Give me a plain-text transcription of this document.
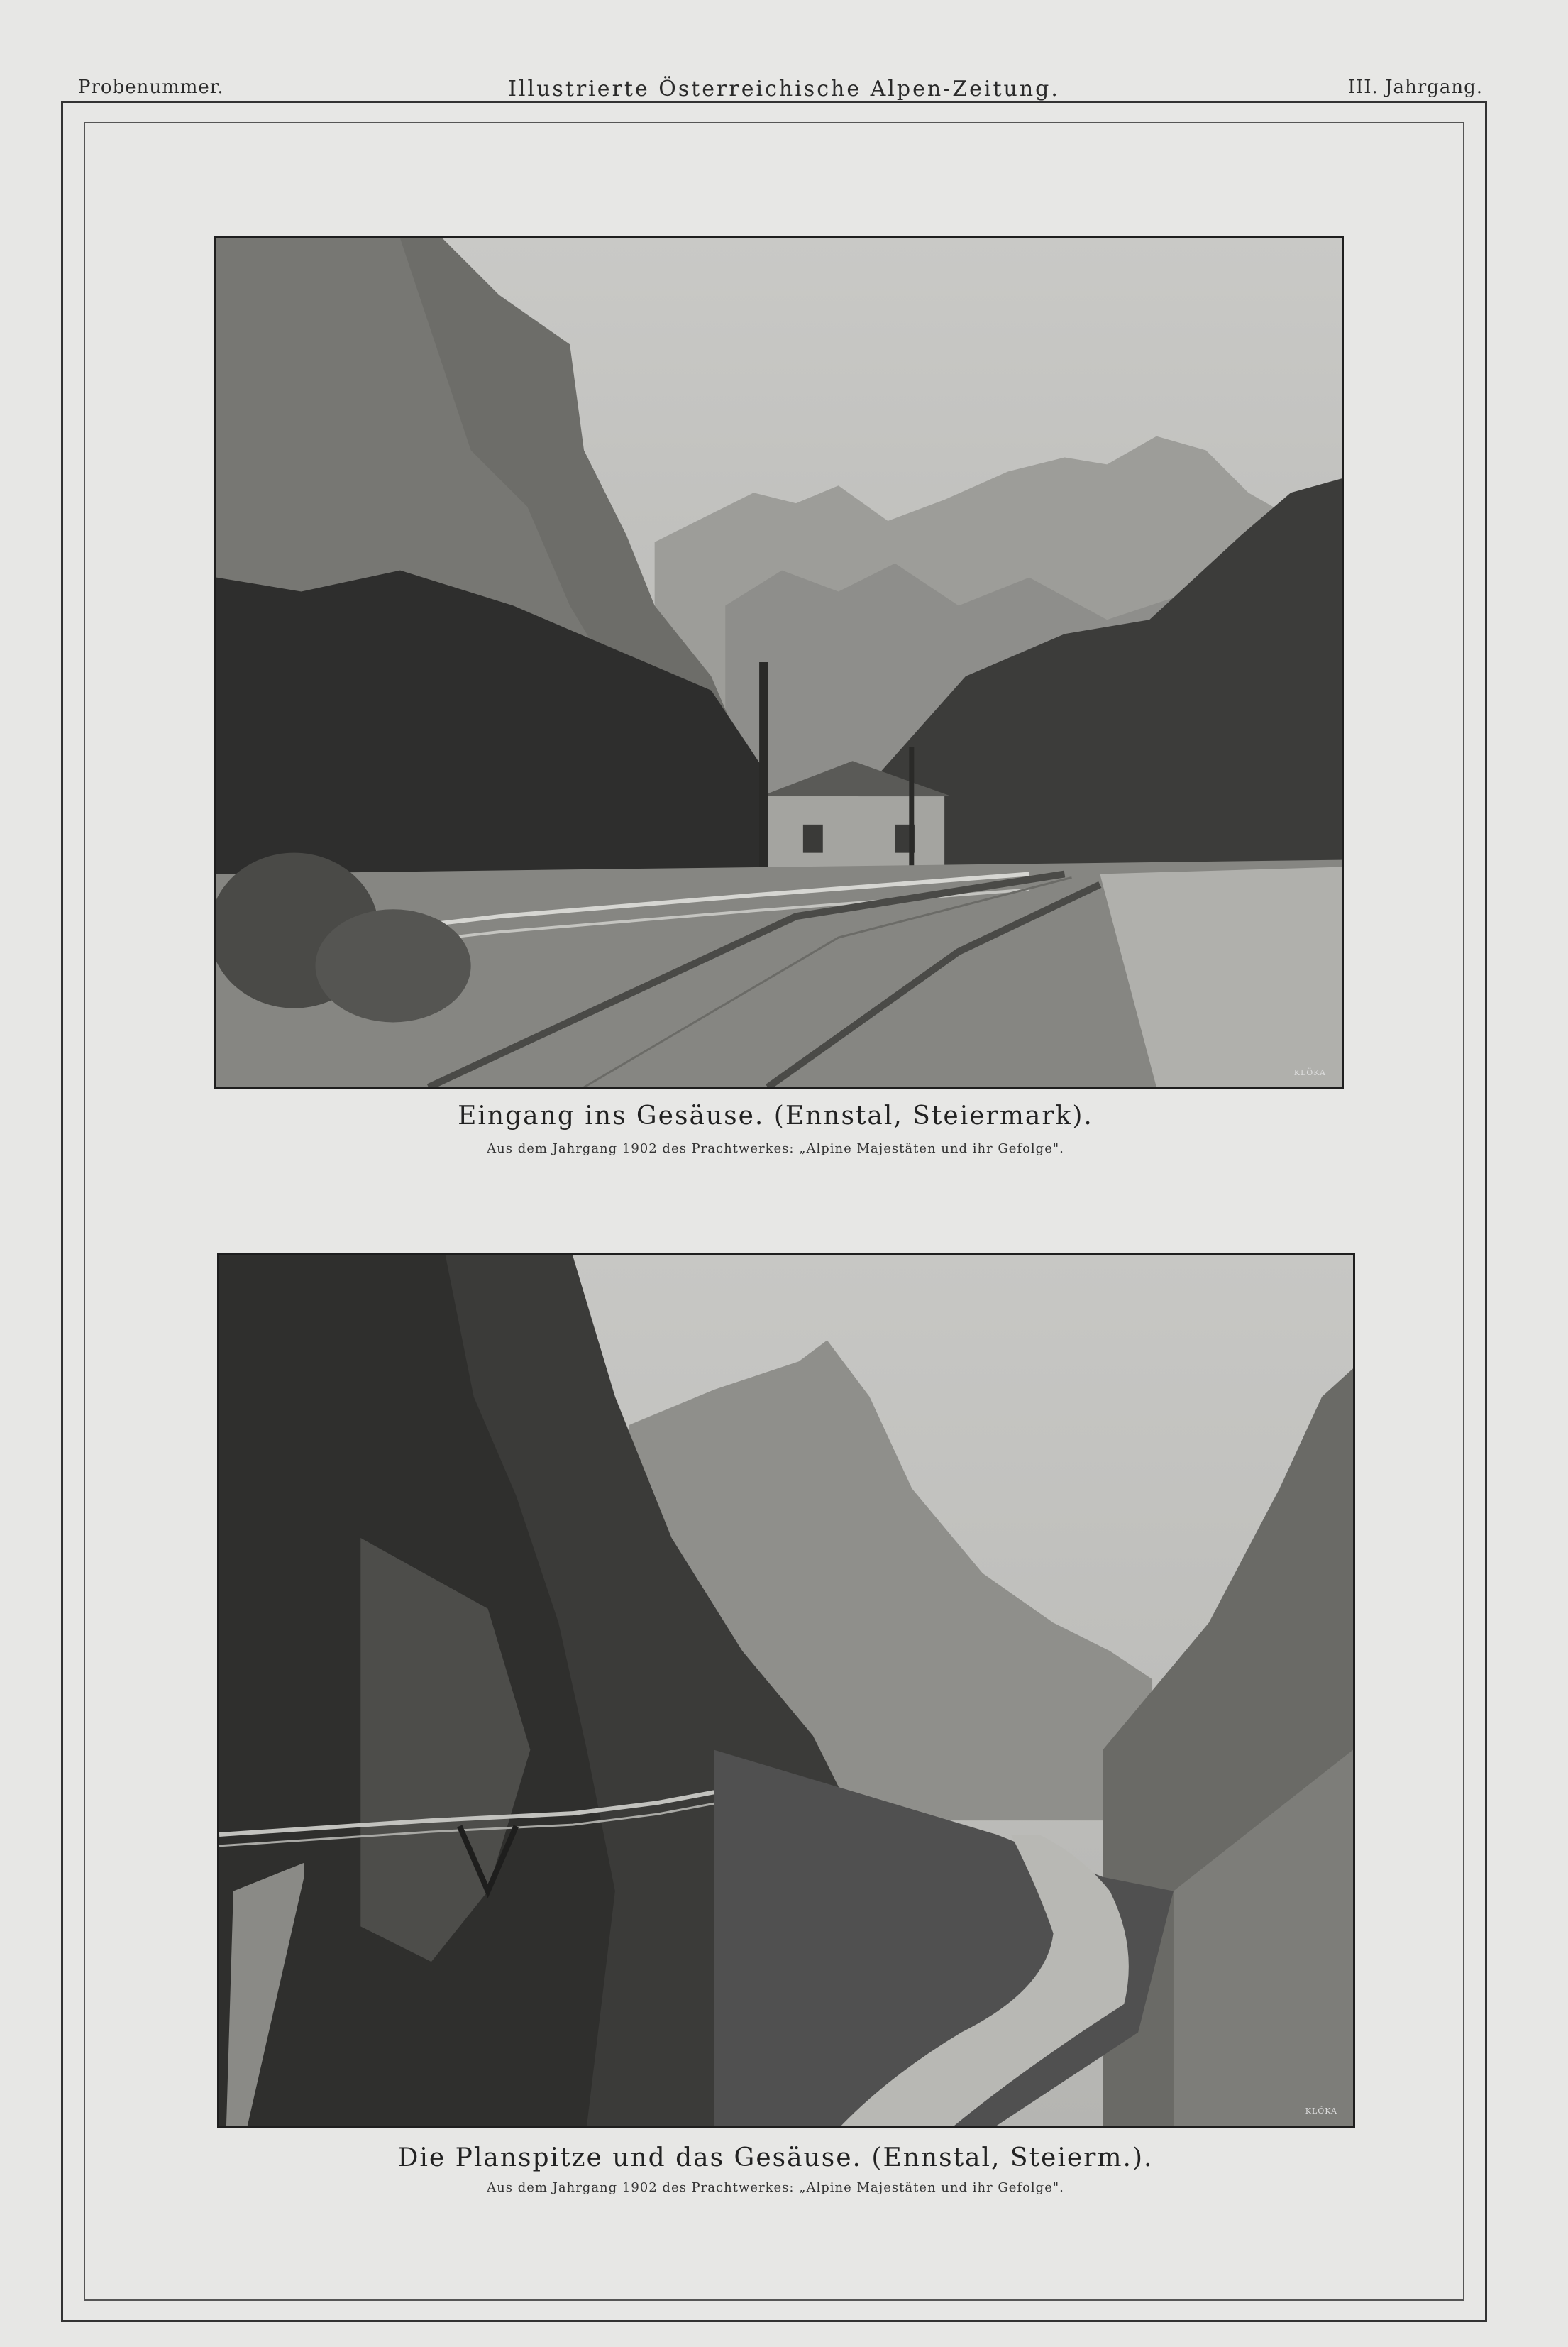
Probenummer.	Illustrierte Österreichische Alpen-Zeitung.	III. Jahrgang.
KLÖKA
Eingang ins Gesäuse. (Ennstal, Steiermark).
Aus dem Jahrgang 1902 des Prachtwerkes: „Alpine Majestäten und ihr Gefolge".
KLÖKA
Die Planspitze und das Gesäuse. (Ennstal, Steierm.).
Aus dem Jahrgang 1902 des Prachtwerkes: „Alpine Majestäten und ihr Gefolge".
